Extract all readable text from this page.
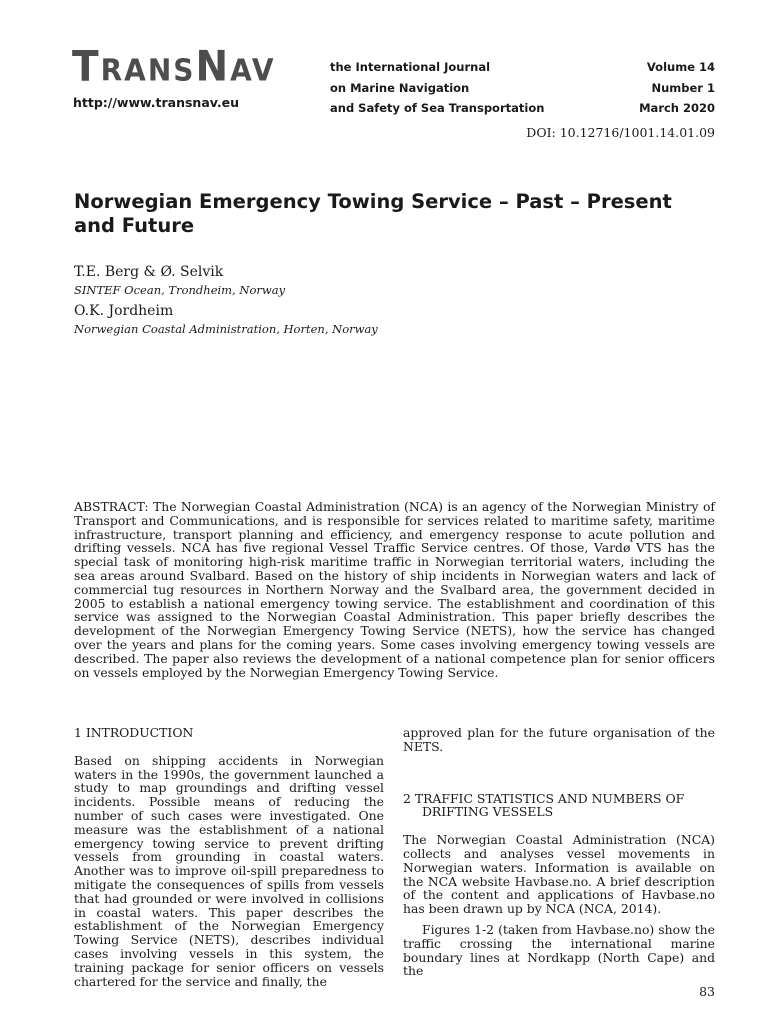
TRANSNAV
http://www.transnav.eu
the International Journal
on Marine Navigation
and Safety of Sea Transportation
Volume 14
Number 1
March 2020
DOI: 10.12716/1001.14.01.09
Norwegian Emergency Towing Service – Past – Present
and Future
T.E. Berg & Ø. Selvik
SINTEF Ocean, Trondheim, Norway
O.K. Jordheim
Norwegian Coastal Administration, Horten, Norway
ABSTRACT: The Norwegian Coastal Administration (NCA) is an agency of the Norwegian Ministry of Transport and Communications, and is responsible for services related to maritime safety, maritime infrastructure, transport planning and efficiency, and emergency response to acute pollution and drifting vessels. NCA has five regional Vessel Traffic Service centres. Of those, Vardø VTS has the special task of monitoring high-risk maritime traffic in Norwegian territorial waters, including the sea areas around Svalbard. Based on the history of ship incidents in Norwegian waters and lack of commercial tug resources in Northern Norway and the Svalbard area, the government decided in 2005 to establish a national emergency towing service. The establishment and coordination of this service was assigned to the Norwegian Coastal Administration. This paper briefly describes the development of the Norwegian Emergency Towing Service (NETS), how the service has changed over the years and plans for the coming years. Some cases involving emergency towing vessels are described. The paper also reviews the development of a national competence plan for senior officers on vessels employed by the Norwegian Emergency Towing Service.
1 INTRODUCTION

Based on shipping accidents in Norwegian waters in the 1990s, the government launched a study to map groundings and drifting vessel incidents. Possible means of reducing the number of such cases were investigated. One measure was the establishment of a national emergency towing service to prevent drifting vessels from grounding in coastal waters. Another was to improve oil-spill preparedness to mitigate the consequences of spills from vessels that had grounded or were involved in collisions in coastal waters. This paper describes the establishment of the Norwegian Emergency Towing Service (NETS), describes individual cases involving vessels in this system, the training package for senior officers on vessels chartered for the service and finally, the

approved plan for the future organisation of the NETS.

2 TRAFFIC STATISTICS AND NUMBERS OF
DRIFTING VESSELS

The Norwegian Coastal Administration (NCA) collects and analyses vessel movements in Norwegian waters. Information is available on the NCA website Havbase.no. A brief description of the content and applications of Havbase.no has been drawn up by NCA (NCA, 2014).

Figures 1-2 (taken from Havbase.no) show the traffic crossing the international marine boundary lines at Nordkapp (North Cape) and the

83
